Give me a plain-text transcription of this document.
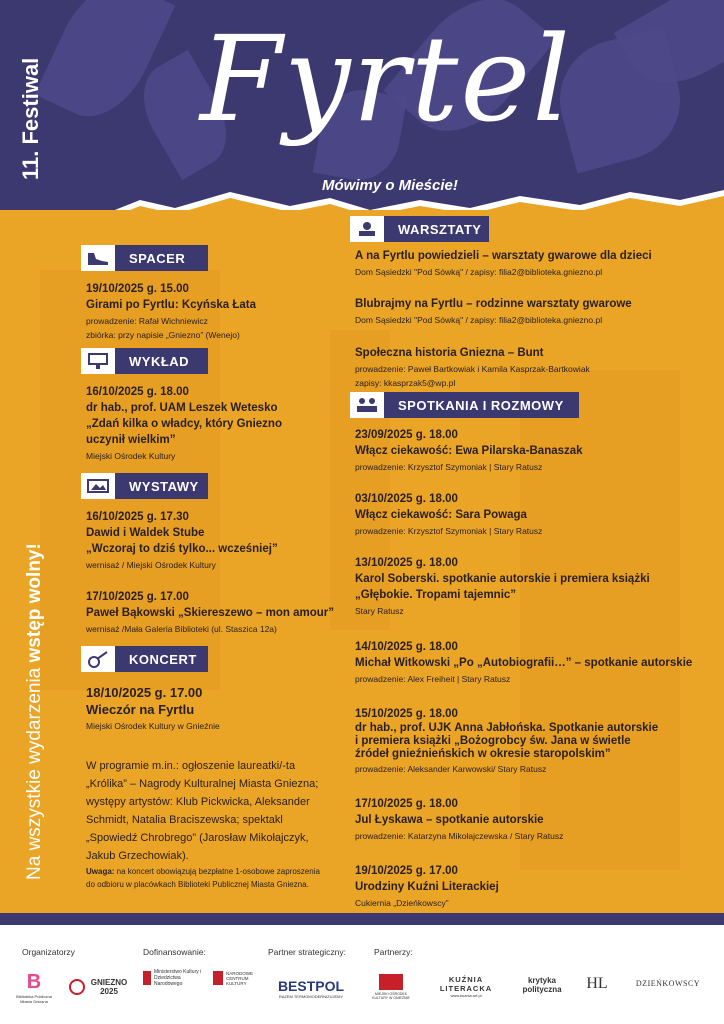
11. Festiwal Fyrtel
Mówimy o Mieście!
Na wszystkie wydarzenia wstęp wolny!
SPACER
19/10/2025 g. 15.00
Girami po Fyrtlu: Kcyńska Łata
prowadzenie: Rafał Wichniewicz
zbiórka: przy napisie „Gniezno” (Wenejo)
WYKŁAD
16/10/2025 g. 18.00
dr hab., prof. UAM Leszek Wetesko
„Zdań kilka o władcy, który Gniezno
uczynił wielkim”
Miejski Ośrodek Kultury
WYSTAWY
16/10/2025 g. 17.30
Dawid i Waldek Stube
„Wczoraj to dziś tylko... wcześniej”
wernisaż / Miejski Ośrodek Kultury
17/10/2025 g. 17.00
Paweł Bąkowski „Skiereszewo – mon amour”
wernisaż /Mała Galeria Biblioteki (ul. Staszica 12a)
KONCERT
18/10/2025 g. 17.00
Wieczór na Fyrtlu
Miejski Ośrodek Kultury w Gnieźnie
W programie m.in.: ogłoszenie laureatki/-ta
„Królika” – Nagrody Kulturalnej Miasta Gniezna;
występy artystów: Klub Pickwicka, Aleksander
Schmidt, Natalia Braciszewska; spektakl
„Spowiedź Chrobrego” (Jarosław Mikołajczyk,
Jakub Grzechowiak).
Uwaga: na koncert obowiązują bezpłatne 1-osobowe zaproszenia
do odbioru w placówkach Biblioteki Publicznej Miasta Gniezna.
WARSZTATY
A na Fyrtlu powiedzieli – warsztaty gwarowe dla dzieci
Dom Sąsiedzki "Pod Sówką" / zapisy: filia2@biblioteka.gniezno.pl
Blubrajmy na Fyrtlu – rodzinne warsztaty gwarowe
Dom Sąsiedzki "Pod Sówką" / zapisy: filia2@biblioteka.gniezno.pl
Społeczna historia Gniezna – Bunt
prowadzenie: Paweł Bartkowiak i Kamila Kasprzak-Bartkowiak
zapisy: kkasprzak5@wp.pl
SPOTKANIA I ROZMOWY
23/09/2025 g. 18.00
Włącz ciekawość: Ewa Pilarska-Banaszak
prowadzenie: Krzysztof Szymoniak | Stary Ratusz
03/10/2025 g. 18.00
Włącz ciekawość: Sara Powaga
prowadzenie: Krzysztof Szymoniak | Stary Ratusz
13/10/2025 g. 18.00
Karol Soberski. spotkanie autorskie i premiera książki
„Głębokie. Tropami tajemnic”
Stary Ratusz
14/10/2025 g. 18.00
Michał Witkowski „Po „Autobiografii…” – spotkanie autorskie
prowadzenie: Alex Freiheit | Stary Ratusz
15/10/2025 g. 18.00
dr hab., prof. UJK Anna Jabłońska. Spotkanie autorskie
i premiera książki „Bożogrobcy św. Jana w świetle
źródeł gnieźnieńskich w okresie staropolskim”
prowadzenie: Aleksander Karwowski/ Stary Ratusz
17/10/2025 g. 18.00
Jul Łyskawa – spotkanie autorskie
prowadzenie: Katarzyna Mikołajczewska / Stary Ratusz
19/10/2025 g. 17.00
Urodziny Kuźni Literackiej
Cukiernia „Dzieńkowscy”
Organizatorzy	Dofinansowanie:	Partner strategiczny:	Partnerzy:
B
Biblioteka Publiczna Miasta Gniezna
GNIEZNO 2025
Ministerstwo Kultury i Dziedzictwa Narodowego
NARODOWE CENTRUM KULTURY	BESTPOL
RAZEM TERMOMODERNIZUJEMY	MIEJSKI OŚRODEK KULTURY W GNIEŹNIE
KUŹNIA LITERACKA
www.kuznia.art.pl
krytyka polityczna	HL	DZIEŃKOWSCY
